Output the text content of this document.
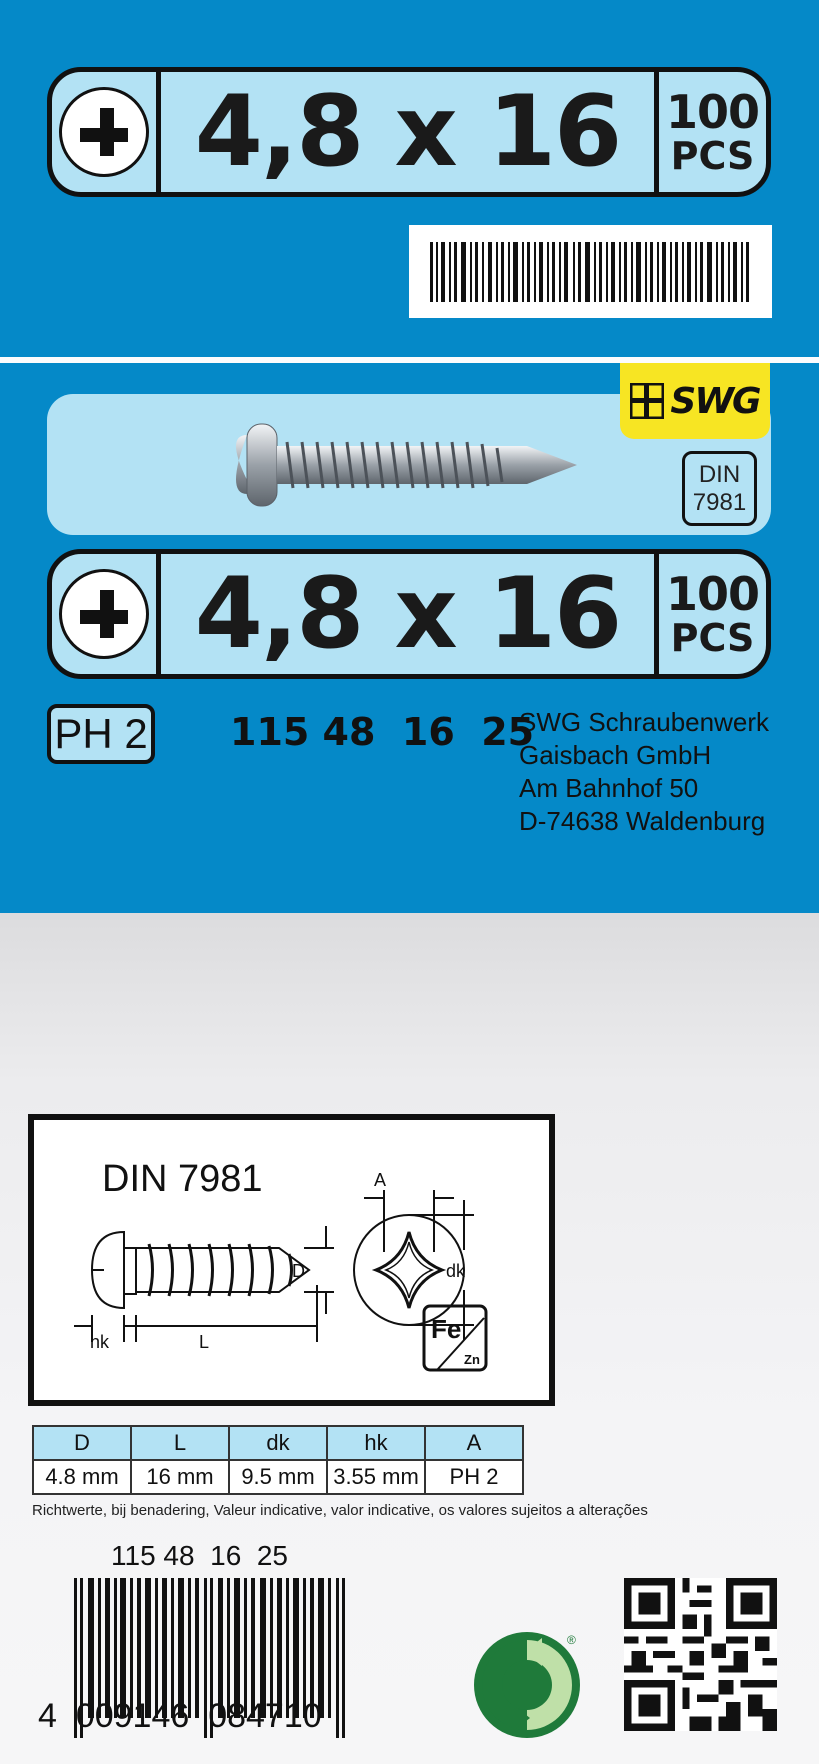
4,8 x 16 100
PCS
SWG
DIN
7981
4,8 x 16 100
PCS
PH 2 115 48  16  25
SWG Schraubenwerk
Gaisbach GmbH
Am Bahnhof 50
D-74638 Waldenburg
DIN 7981	A
D	dk
hk	L	Fe
Zn
D	L	dk	hk	A
4.8 mm	16 mm	9.5 mm	3.55 mm	PH 2
Richtwerte, bij benadering, Valeur indicative, valor indicative, os valores sujeitos a alterações
115 48  16  25
4 009146 084710
®
